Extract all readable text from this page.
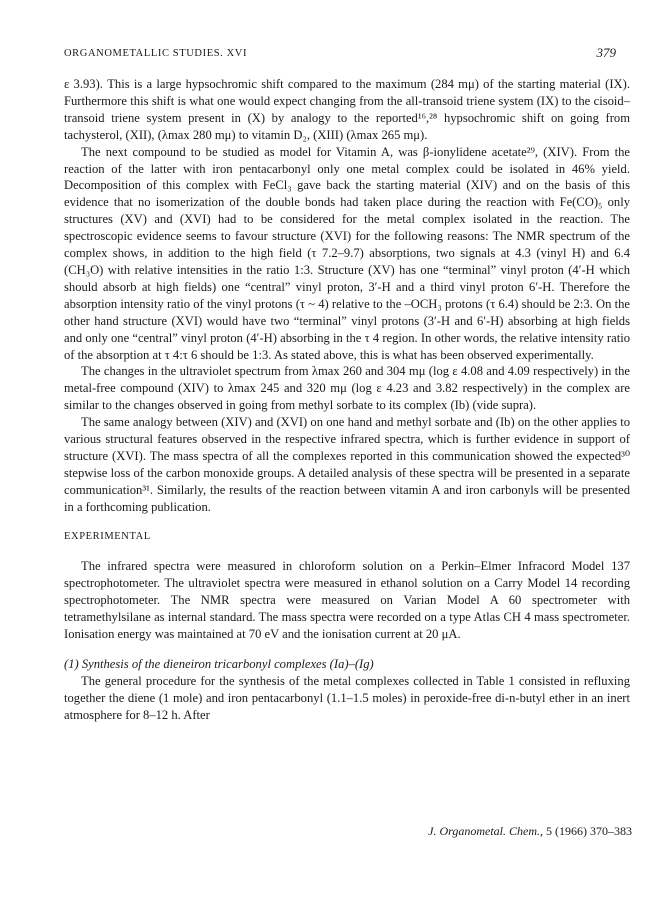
ORGANOMETALLIC STUDIES. XVI	379

ε 3.93). This is a large hypsochromic shift compared to the maximum (284 mμ) of the starting material (IX). Furthermore this shift is what one would expect changing from the all-transoid triene system (IX) to the cisoid–transoid triene system present in (X) by analogy to the reported¹⁶,²⁸ hypsochromic shift on going from tachysterol, (XII), (λmax 280 mμ) to vitamin D₂, (XIII) (λmax 265 mμ).

The next compound to be studied as model for Vitamin A, was β-ionylidene acetate²⁹, (XIV). From the reaction of the latter with iron pentacarbonyl only one metal complex could be isolated in 46% yield. Decomposition of this complex with FeCl₃ gave back the starting material (XIV) and on the basis of this evidence that no isomerization of the double bonds had taken place during the reaction with Fe(CO)₅ only structures (XV) and (XVI) had to be considered for the metal complex isolated in the reaction. The spectroscopic evidence seems to favour structure (XVI) for the following reasons: The NMR spectrum of the complex shows, in addition to the high field (τ 7.2–9.7) absorptions, two signals at 4.3 (vinyl H) and 6.4 (CH₃O) with relative intensities in the ratio 1:3. Structure (XV) has one “terminal” vinyl proton (4′-H which should absorb at high fields) one “central” vinyl proton, 3′-H and a third vinyl proton 6′-H. Therefore the absorption intensity ratio of the vinyl protons (τ ~ 4) relative to the –OCH₃ protons (τ 6.4) should be 2:3. On the other hand structure (XVI) would have two “terminal” vinyl protons (3′-H and 6′-H) absorbing at high fields and only one “central” vinyl proton (4′-H) absorbing in the τ 4 region. In other words, the relative intensity ratio of the absorption at τ 4:τ 6 should be 1:3. As stated above, this is what has been observed experimentally.

The changes in the ultraviolet spectrum from λmax 260 and 304 mμ (log ε 4.08 and 4.09 respectively) in the metal-free compound (XIV) to λmax 245 and 320 mμ (log ε 4.23 and 3.82 respectively) in the complex are similar to the changes observed in going from methyl sorbate to its complex (Ib) (vide supra).

The same analogy between (XIV) and (XVI) on one hand and methyl sorbate and (Ib) on the other applies to various structural features observed in the respective infrared spectra, which is further evidence in support of structure (XVI). The mass spectra of all the complexes reported in this communication showed the expected³⁰ stepwise loss of the carbon monoxide groups. A detailed analysis of these spectra will be presented in a separate communication³¹. Similarly, the results of the reaction between vitamin A and iron carbonyls will be presented in a forthcoming publication.

EXPERIMENTAL

The infrared spectra were measured in chloroform solution on a Perkin–Elmer Infracord Model 137 spectrophotometer. The ultraviolet spectra were measured in ethanol solution on a Carry Model 14 recording spectrophotometer. The NMR spectra were measured on Varian Model A 60 spectrometer with tetramethylsilane as internal standard. The mass spectra were recorded on a type Atlas CH 4 mass spectrometer. Ionisation energy was maintained at 70 eV and the ionisation current at 20 μA.

(1) Synthesis of the dieneiron tricarbonyl complexes (Ia)–(Ig)

The general procedure for the synthesis of the metal complexes collected in Table 1 consisted in refluxing together the diene (1 mole) and iron pentacarbonyl (1.1–1.5 moles) in peroxide-free di-n-butyl ether in an inert atmosphere for 8–12 h. After

J. Organometal. Chem., 5 (1966) 370–383
